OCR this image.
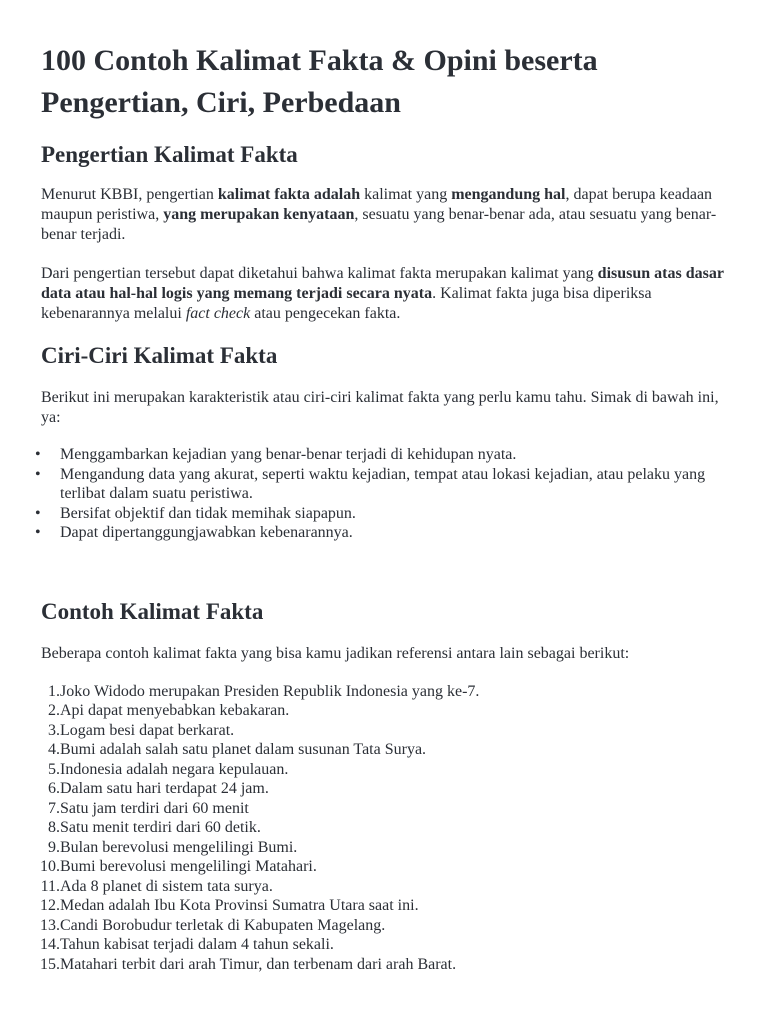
100 Contoh Kalimat Fakta & Opini beserta Pengertian, Ciri, Perbedaan
Pengertian Kalimat Fakta

Menurut KBBI, pengertian kalimat fakta adalah kalimat yang mengandung hal, dapat berupa keadaan maupun peristiwa, yang merupakan kenyataan, sesuatu yang benar-benar ada, atau sesuatu yang benar-benar terjadi.

Dari pengertian tersebut dapat diketahui bahwa kalimat fakta merupakan kalimat yang disusun atas dasar data atau hal-hal logis yang memang terjadi secara nyata. Kalimat fakta juga bisa diperiksa kebenarannya melalui fact check atau pengecekan fakta.

Ciri-Ciri Kalimat Fakta

Berikut ini merupakan karakteristik atau ciri-ciri kalimat fakta yang perlu kamu tahu. Simak di bawah ini, ya:

• Menggambarkan kejadian yang benar-benar terjadi di kehidupan nyata.
• Mengandung data yang akurat, seperti waktu kejadian, tempat atau lokasi kejadian, atau pelaku yang terlibat dalam suatu peristiwa.
• Bersifat objektif dan tidak memihak siapapun.
• Dapat dipertanggungjawabkan kebenarannya.
Contoh Kalimat Fakta

Beberapa contoh kalimat fakta yang bisa kamu jadikan referensi antara lain sebagai berikut:

1. Joko Widodo merupakan Presiden Republik Indonesia yang ke-7.
2. Api dapat menyebabkan kebakaran.
3. Logam besi dapat berkarat.
4. Bumi adalah salah satu planet dalam susunan Tata Surya.
5. Indonesia adalah negara kepulauan.
6. Dalam satu hari terdapat 24 jam.
7. Satu jam terdiri dari 60 menit
8. Satu menit terdiri dari 60 detik.
9. Bulan berevolusi mengelilingi Bumi.
10. Bumi berevolusi mengelilingi Matahari.
11. Ada 8 planet di sistem tata surya.
12. Medan adalah Ibu Kota Provinsi Sumatra Utara saat ini.
13. Candi Borobudur terletak di Kabupaten Magelang.
14. Tahun kabisat terjadi dalam 4 tahun sekali.
15. Matahari terbit dari arah Timur, dan terbenam dari arah Barat.
